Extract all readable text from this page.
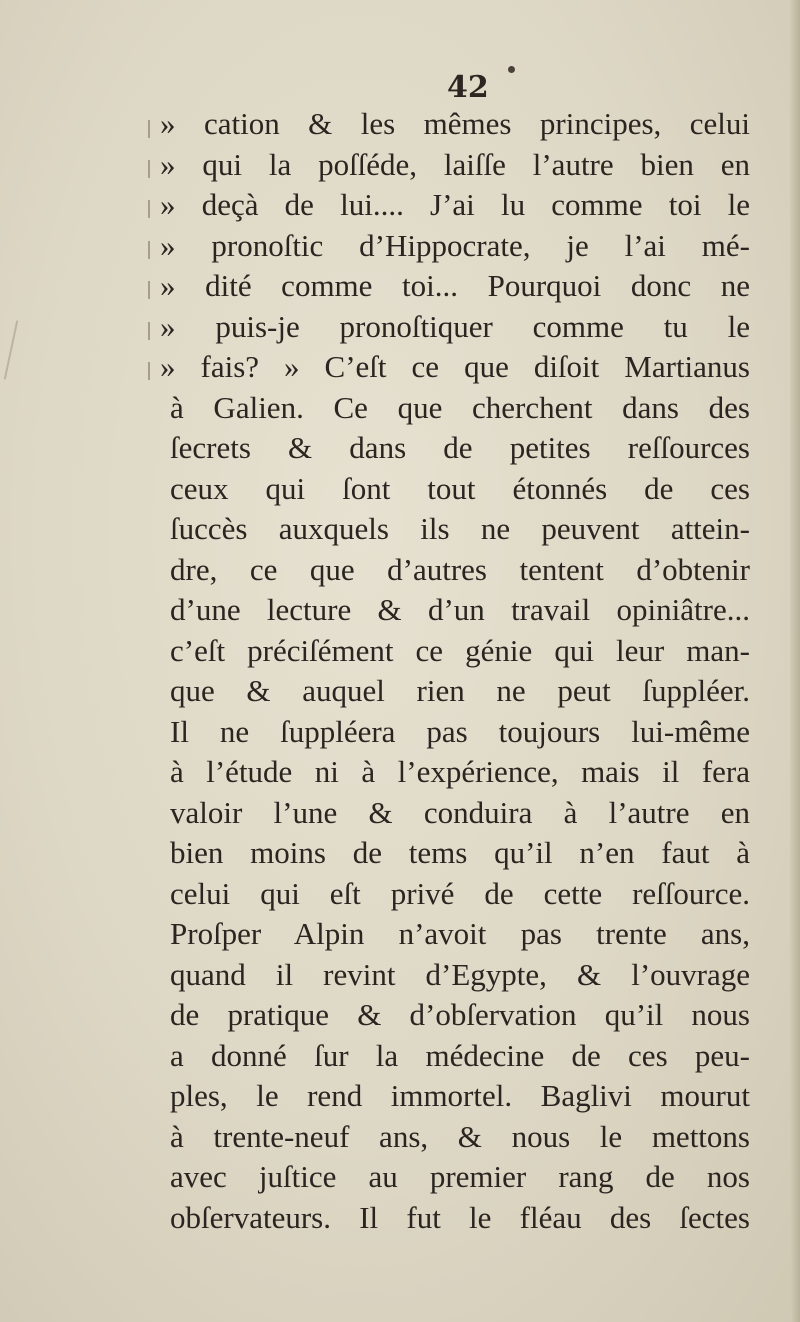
42
» cation & les mêmes principes, celui
» qui la poſſéde, laiſſe l’autre bien en
» deçà de lui.... J’ai lu comme toi le
» pronoſtic d’Hippocrate, je l’ai mé-
» dité comme toi... Pourquoi donc ne
» puis-je pronoſtiquer comme tu le
» fais? » C’eſt ce que diſoit Martianus
à Galien. Ce que cherchent dans des
ſecrets & dans de petites reſſources
ceux qui ſont tout étonnés de ces
ſuccès auxquels ils ne peuvent attein-
dre, ce que d’autres tentent d’obtenir
d’une lecture & d’un travail opiniâtre...
c’eſt préciſément ce génie qui leur man-
que & auquel rien ne peut ſuppléer.
Il ne ſuppléera pas toujours lui-même
à l’étude ni à l’expérience, mais il fera
valoir l’une & conduira à l’autre en
bien moins de tems qu’il n’en faut à
celui qui eſt privé de cette reſſource.
Proſper Alpin n’avoit pas trente ans,
quand il revint d’Egypte, & l’ouvrage
de pratique & d’obſervation qu’il nous
a donné ſur la médecine de ces peu-
ples, le rend immortel. Baglivi mourut
à trente-neuf ans, & nous le mettons
avec juſtice au premier rang de nos
obſervateurs. Il fut le fléau des ſectes
